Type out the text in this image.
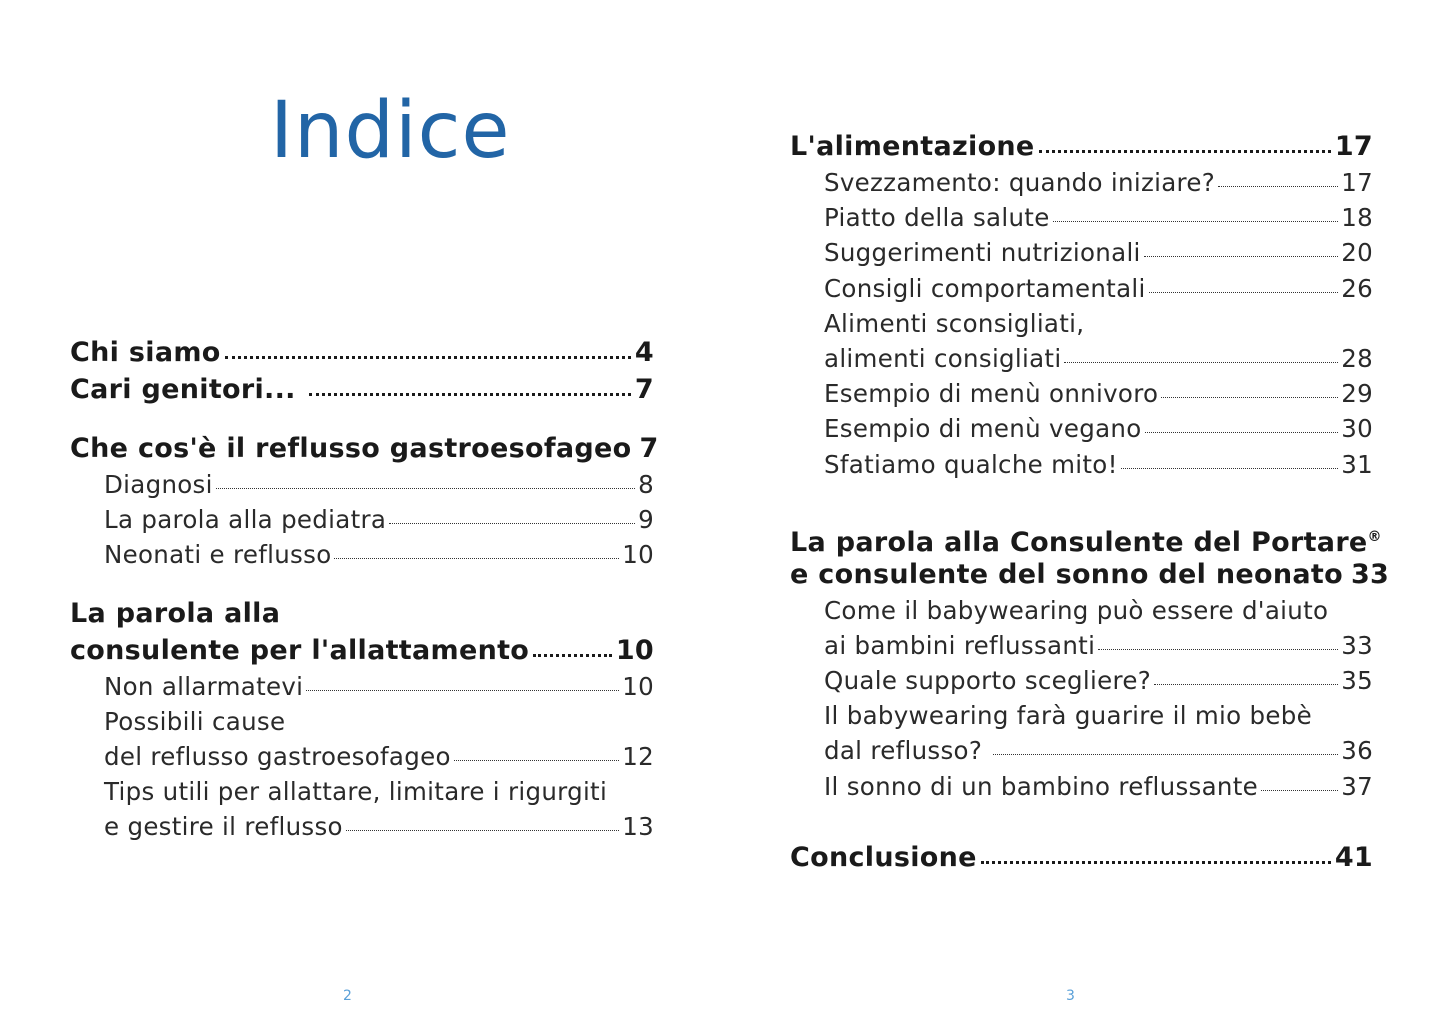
Indice
Chi siamo	4
Cari genitori...	7
Che cos'è il reflusso gastroesofageo 7
Diagnosi	8
La parola alla pediatra	9
Neonati e reflusso	10
La parola alla
consulente per l'allattamento	10
Non allarmatevi	10
Possibili cause
del reflusso gastroesofageo	12
Tips utili per allattare, limitare i rigurgiti
e gestire il reflusso	13
2
L'alimentazione	17
Svezzamento: quando iniziare?	17
Piatto della salute	18
Suggerimenti nutrizionali	20
Consigli comportamentali	26
Alimenti sconsigliati,
alimenti consigliati	28
Esempio di menù onnivoro	29
Esempio di menù vegano	30
Sfatiamo qualche mito!	31
La parola alla Consulente del Portare®
e consulente del sonno del neonato 33
Come il babywearing può essere d'aiuto
ai bambini reflussanti	33
Quale supporto scegliere?	35
Il babywearing farà guarire il mio bebè
dal reflusso?	36
Il sonno di un bambino reflussante	37
Conclusione	41
3
